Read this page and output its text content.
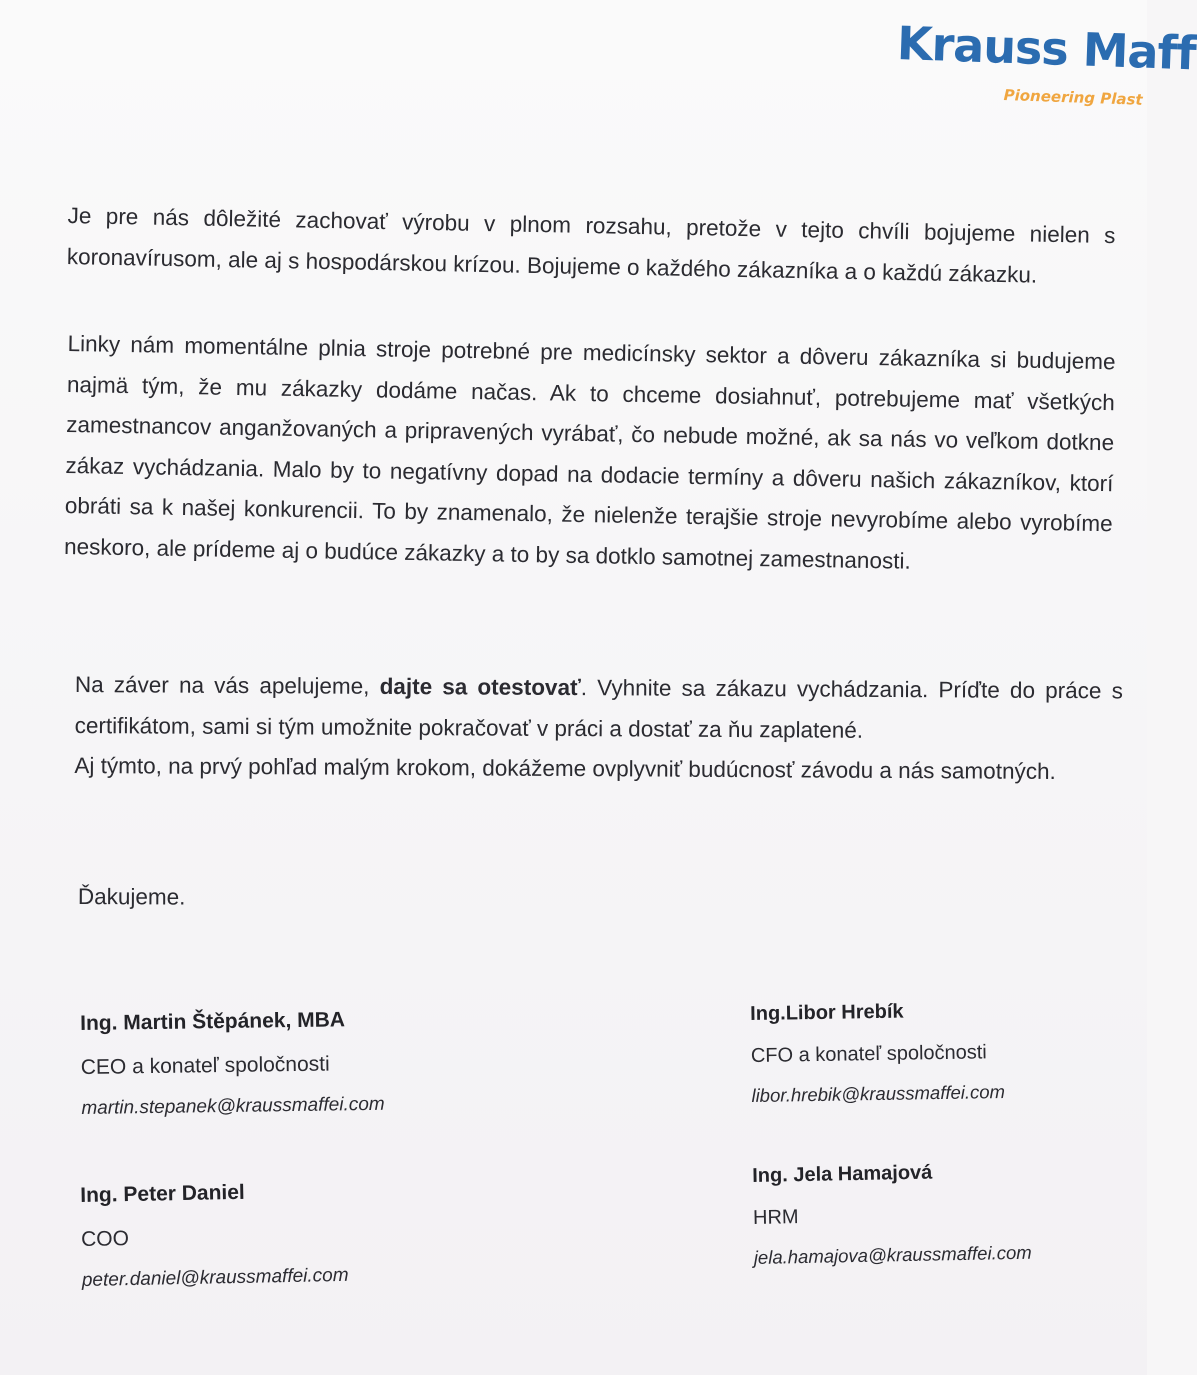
Krauss Maff
Pioneering Plast

Je pre nás dôležité zachovať výrobu v plnom rozsahu, pretože v tejto chvíli bojujeme nielen s koronavírusom, ale aj s hospodárskou krízou. Bojujeme o každého zákazníka a o každú zákazku.

Linky nám momentálne plnia stroje potrebné pre medicínsky sektor a dôveru zákazníka si budujeme najmä tým, že mu zákazky dodáme načas. Ak to chceme dosiahnuť, potrebujeme mať všetkých zamestnancov anganžovaných a pripravených vyrábať, čo nebude možné, ak sa nás vo veľkom dotkne zákaz vychádzania. Malo by to negatívny dopad na dodacie termíny a dôveru našich zákazníkov, ktorí obráti sa k našej konkurencii. To by znamenalo, že nielenže terajšie stroje nevyrobíme alebo vyrobíme neskoro, ale prídeme aj o budúce zákazky a to by sa dotklo samotnej zamestnanosti.

Na záver na vás apelujeme, dajte sa otestovať. Vyhnite sa zákazu vychádzania. Príďte do práce s certifikátom, sami si tým umožnite pokračovať v práci a dostať za ňu zaplatené.

Aj týmto, na prvý pohľad malým krokom, dokážeme ovplyvniť budúcnosť závodu a nás samotných.

Ďakujeme.

Ing. Martin Štěpánek, MBA
CEO a konateľ spoločnosti
martin.stepanek@kraussmaffei.com
Ing. Peter Daniel
COO
peter.daniel@kraussmaffei.com
Ing.Libor Hrebík
CFO a konateľ spoločnosti
libor.hrebik@kraussmaffei.com
Ing. Jela Hamajová
HRM
jela.hamajova@kraussmaffei.com
